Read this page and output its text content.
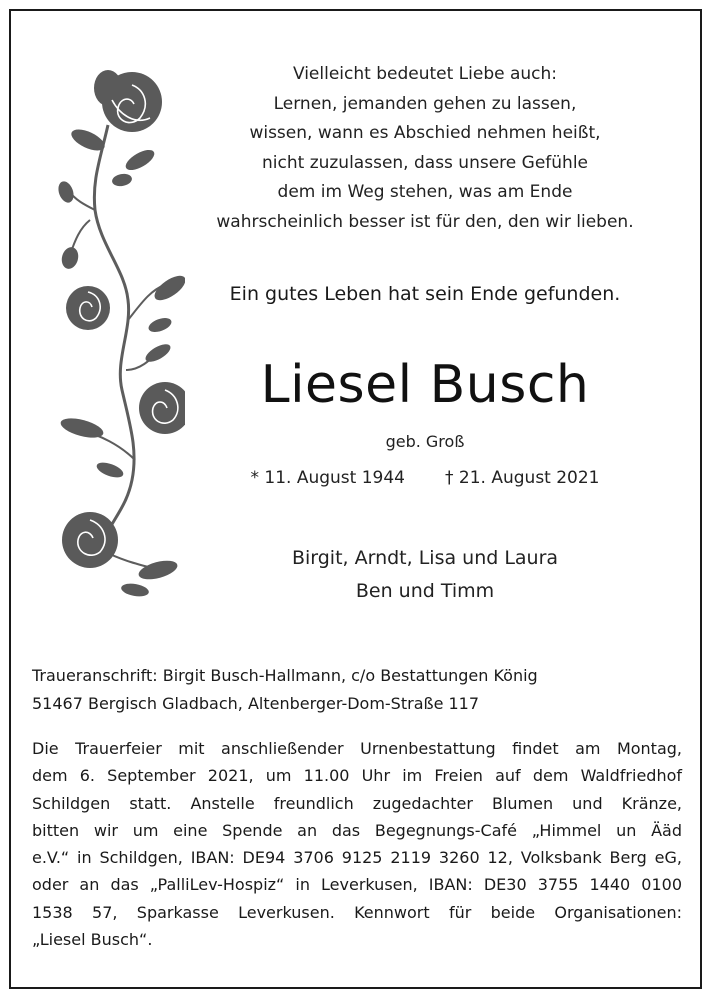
Vielleicht bedeutet Liebe auch:
Lernen, jemanden gehen zu lassen,
wissen, wann es Abschied nehmen heißt,
nicht zuzulassen, dass unsere Gefühle
dem im Weg stehen, was am Ende
wahrscheinlich besser ist für den, den wir lieben.
Ein gutes Leben hat sein Ende gefunden.
Liesel Busch
geb. Groß
* 11. August 1944 † 21. August 2021
Birgit, Arndt, Lisa und Laura
Ben und Timm
Traueranschrift: Birgit Busch-Hallmann, c/o Bestattungen König
51467 Bergisch Gladbach, Altenberger-Dom-Straße 117
Die Trauerfeier mit anschließender Urnenbestattung findet am Montag,
dem 6. September 2021, um 11.00 Uhr im Freien auf dem Waldfriedhof
Schildgen statt. Anstelle freundlich zugedachter Blumen und Kränze,
bitten wir um eine Spende an das Begegnungs-Café „Himmel un Ääd
e.V.“ in Schildgen, IBAN: DE94 3706 9125 2119 3260 12, Volksbank Berg eG,
oder an das „PalliLev-Hospiz“ in Leverkusen, IBAN: DE30 3755 1440 0100
1538 57, Sparkasse Leverkusen. Kennwort für beide Organisationen:
„Liesel Busch“.
